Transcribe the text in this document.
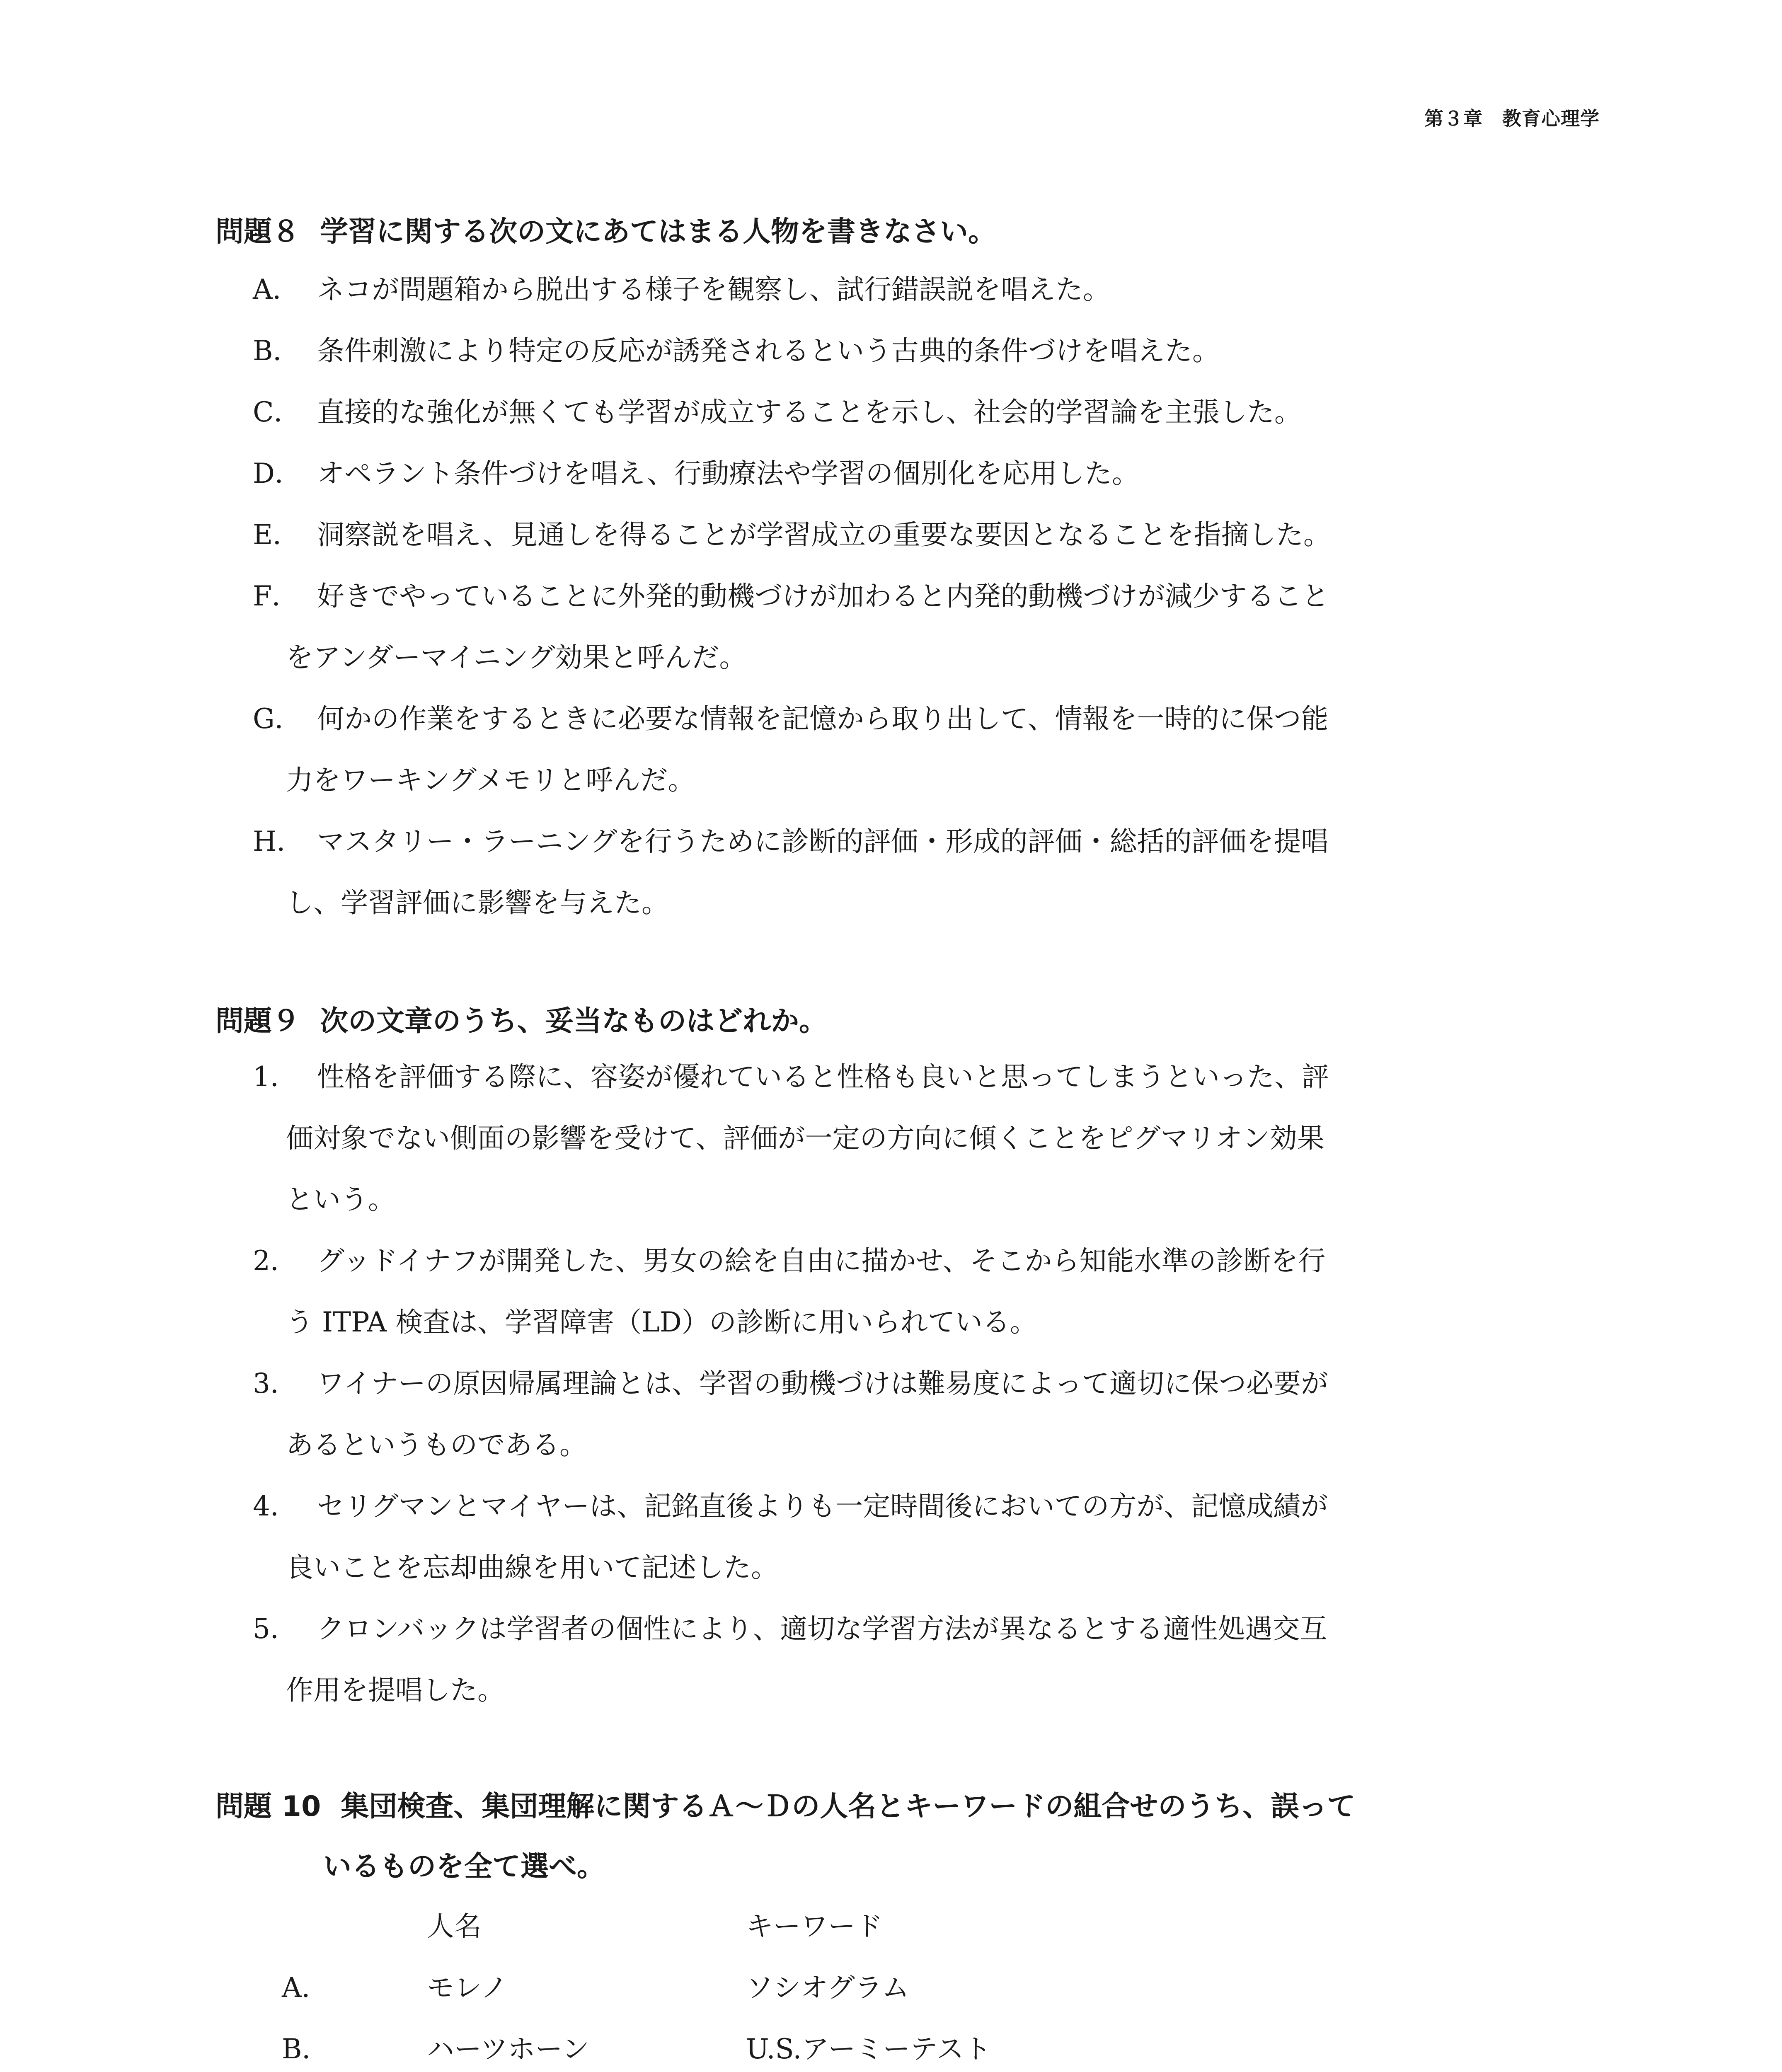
第３章　教育心理学
問題８ 学習に関する次の文にあてはまる人物を書きなさい。
A． ネコが問題箱から脱出する様子を観察し、試行錯誤説を唱えた。
B． 条件刺激により特定の反応が誘発されるという古典的条件づけを唱えた。
C． 直接的な強化が無くても学習が成立することを示し、社会的学習論を主張した。
D． オペラント条件づけを唱え、行動療法や学習の個別化を応用した。
E． 洞察説を唱え、見通しを得ることが学習成立の重要な要因となることを指摘した。
F． 好きでやっていることに外発的動機づけが加わると内発的動機づけが減少すること
をアンダーマイニング効果と呼んだ。
G． 何かの作業をするときに必要な情報を記憶から取り出して、情報を一時的に保つ能
力をワーキングメモリと呼んだ。
H． マスタリー・ラーニングを行うために診断的評価・形成的評価・総括的評価を提唱
し、学習評価に影響を与えた。
問題９ 次の文章のうち、妥当なものはどれか。
1． 性格を評価する際に、容姿が優れていると性格も良いと思ってしまうといった、評
価対象でない側面の影響を受けて、評価が一定の方向に傾くことをピグマリオン効果
という。
2． グッドイナフが開発した、男女の絵を自由に描かせ、そこから知能水準の診断を行
う ITPA 検査は、学習障害（LD）の診断に用いられている。
3． ワイナーの原因帰属理論とは、学習の動機づけは難易度によって適切に保つ必要が
あるというものである。
4． セリグマンとマイヤーは、記銘直後よりも一定時間後においての方が、記憶成績が
良いことを忘却曲線を用いて記述した。
5． クロンバックは学習者の個性により、適切な学習方法が異なるとする適性処遇交互
作用を提唱した。
問題 10 集団検査、集団理解に関するＡ～Ｄの人名とキーワードの組合せのうち、誤って
いるものを全て選べ。
人名	キーワード
A．	モレノ	ソシオグラム
B．	ハーツホーン	U.S.アーミーテスト
